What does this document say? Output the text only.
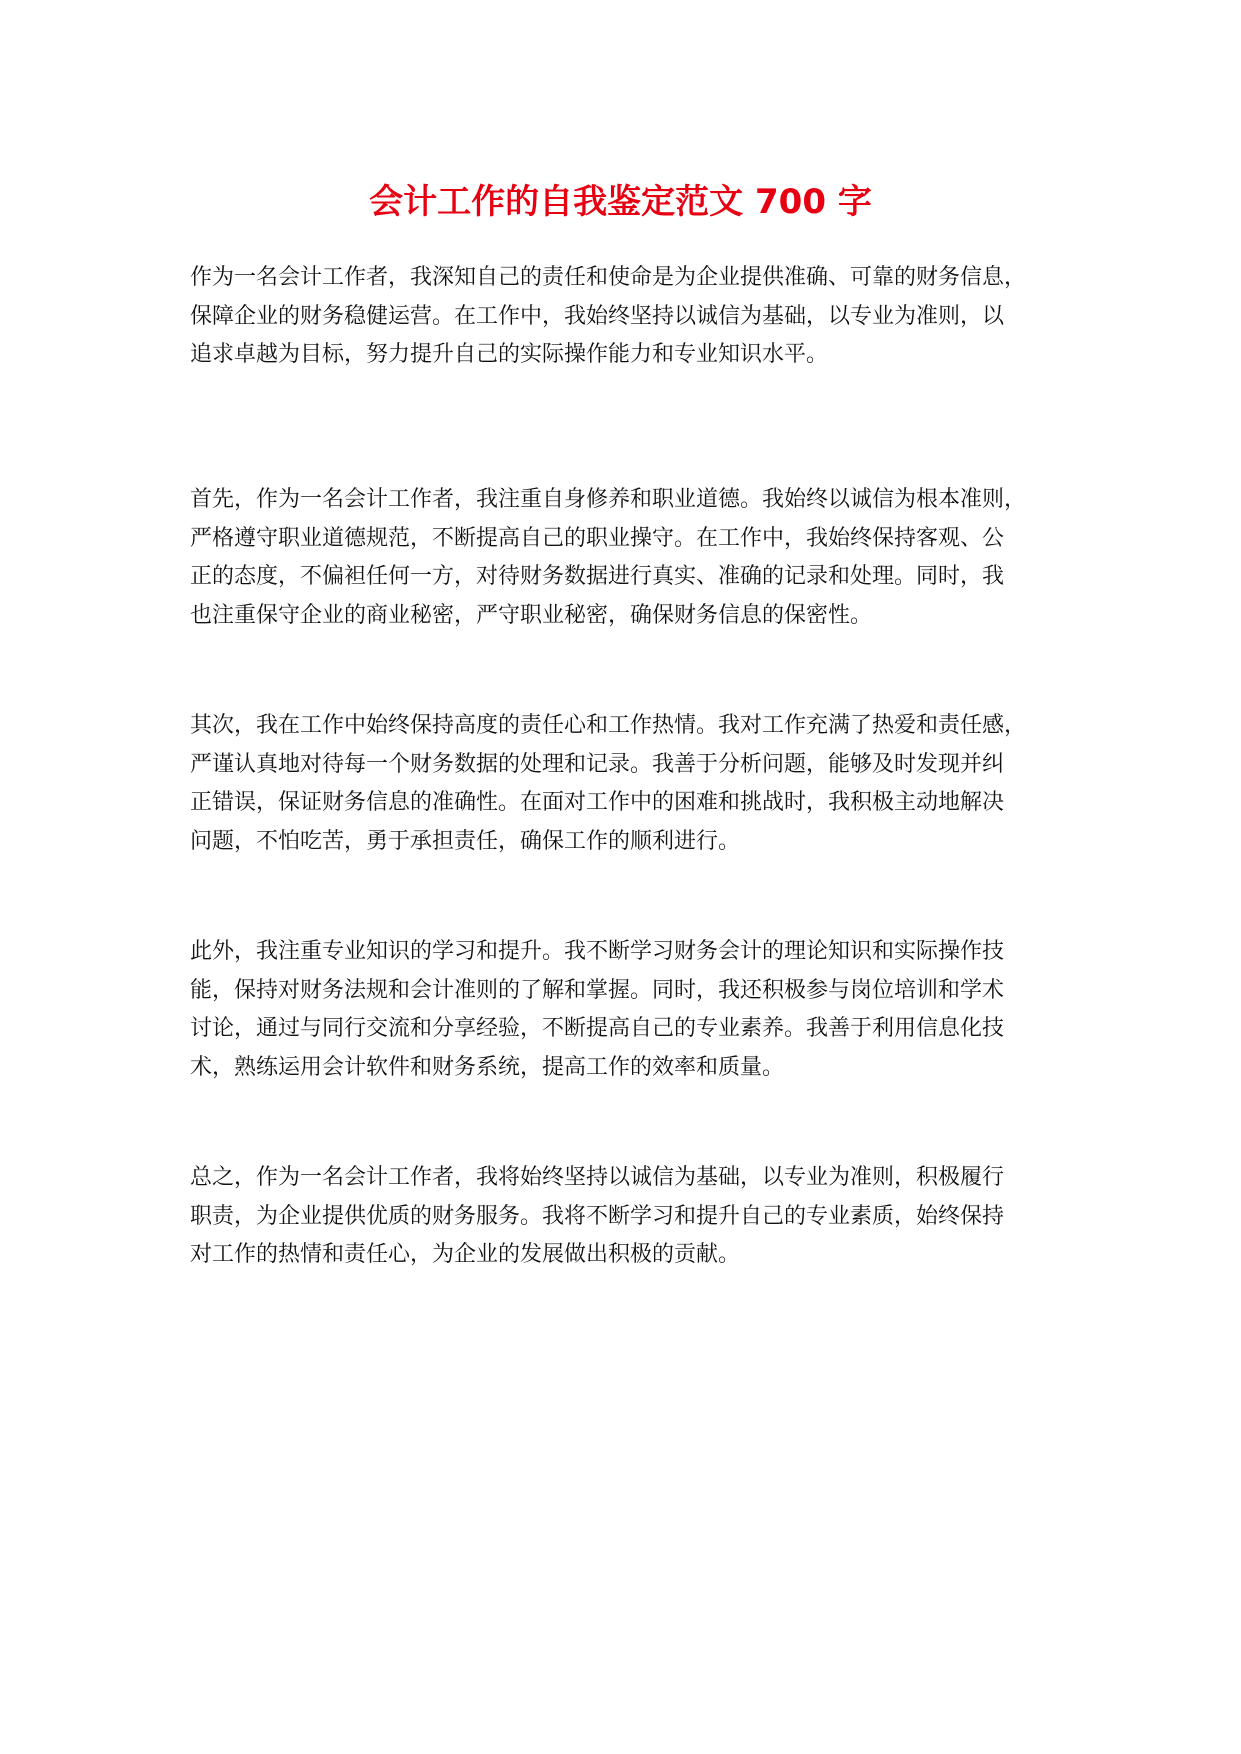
会计工作的自我鉴定范文 700 字

作为一名会计工作者，我深知自己的责任和使命是为企业提供准确、可靠的财务信息，
保障企业的财务稳健运营。在工作中，我始终坚持以诚信为基础，以专业为准则，以
追求卓越为目标，努力提升自己的实际操作能力和专业知识水平。

首先，作为一名会计工作者，我注重自身修养和职业道德。我始终以诚信为根本准则，
严格遵守职业道德规范，不断提高自己的职业操守。在工作中，我始终保持客观、公
正的态度，不偏袒任何一方，对待财务数据进行真实、准确的记录和处理。同时，我
也注重保守企业的商业秘密，严守职业秘密，确保财务信息的保密性。

其次，我在工作中始终保持高度的责任心和工作热情。我对工作充满了热爱和责任感，
严谨认真地对待每一个财务数据的处理和记录。我善于分析问题，能够及时发现并纠
正错误，保证财务信息的准确性。在面对工作中的困难和挑战时，我积极主动地解决
问题，不怕吃苦，勇于承担责任，确保工作的顺利进行。

此外，我注重专业知识的学习和提升。我不断学习财务会计的理论知识和实际操作技
能，保持对财务法规和会计准则的了解和掌握。同时，我还积极参与岗位培训和学术
讨论，通过与同行交流和分享经验，不断提高自己的专业素养。我善于利用信息化技
术，熟练运用会计软件和财务系统，提高工作的效率和质量。

总之，作为一名会计工作者，我将始终坚持以诚信为基础，以专业为准则，积极履行
职责，为企业提供优质的财务服务。我将不断学习和提升自己的专业素质，始终保持
对工作的热情和责任心，为企业的发展做出积极的贡献。
